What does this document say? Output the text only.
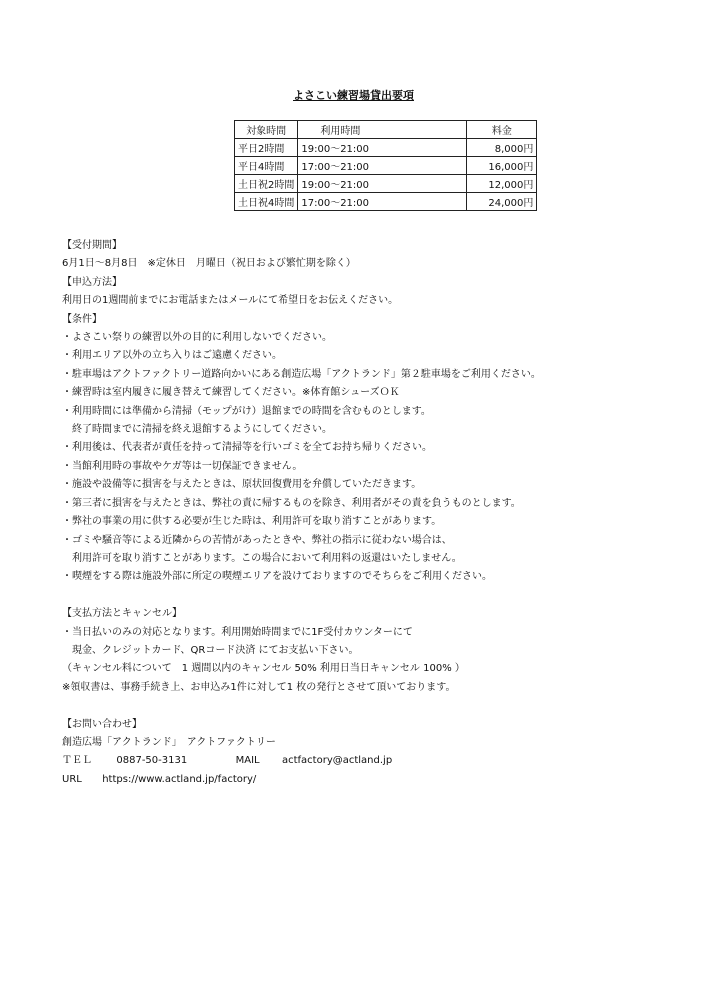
よさこい練習場貸出要項
対象時間	利用時間	料金
平日2時間	19:00～21:00	8,000円
平日4時間	17:00～21:00	16,000円
土日祝2時間	19:00～21:00	12,000円
土日祝4時間	17:00～21:00	24,000円
【受付期間】
6月1日～8月8日　※定休日　月曜日（祝日および繁忙期を除く）
【申込方法】
利用日の1週間前までにお電話またはメールにて希望日をお伝えください。
【条件】
・よさこい祭りの練習以外の目的に利用しないでください。
・利用エリア以外の立ち入りはご遠慮ください。
・駐車場はアクトファクトリー道路向かいにある創造広場「アクトランド」第２駐車場をご利用ください。
・練習時は室内履きに履き替えて練習してください。※体育館シューズＯＫ
・利用時間には準備から清掃（モップがけ）退館までの時間を含むものとします。
　終了時間までに清掃を終え退館するようにしてください。
・利用後は、代表者が責任を持って清掃等を行いゴミを全てお持ち帰りください。
・当館利用時の事故やケガ等は一切保証できません。
・施設や設備等に損害を与えたときは、原状回復費用を弁償していただきます。
・第三者に損害を与えたときは、弊社の責に帰するものを除き、利用者がその責を負うものとします。
・弊社の事業の用に供する必要が生じた時は、利用許可を取り消すことがあります。
・ゴミや騒音等による近隣からの苦情があったときや、弊社の指示に従わない場合は、
　利用許可を取り消すことがあります。この場合において利用料の返還はいたしません。
・喫煙をする際は施設外部に所定の喫煙エリアを設けておりますのでそちらをご利用ください。
【支払方法とキャンセル】
・当日払いのみの対応となります。利用開始時間までに1F受付カウンターにて
　現金、クレジットカード、QRコード決済 にてお支払い下さい。
（キャンセル料について　1 週間以内のキャンセル 50% 利用日当日キャンセル 100% ）
※領収書は、事務手続き上、お申込み1件に対して1 枚の発行とさせて頂いております。
【お問い合わせ】
創造広場「アクトランド」　アクトファクトリー
ＴＥＬ 0887-50-3131	MAIL actfactory@actland.jp
URL https://www.actland.jp/factory/
